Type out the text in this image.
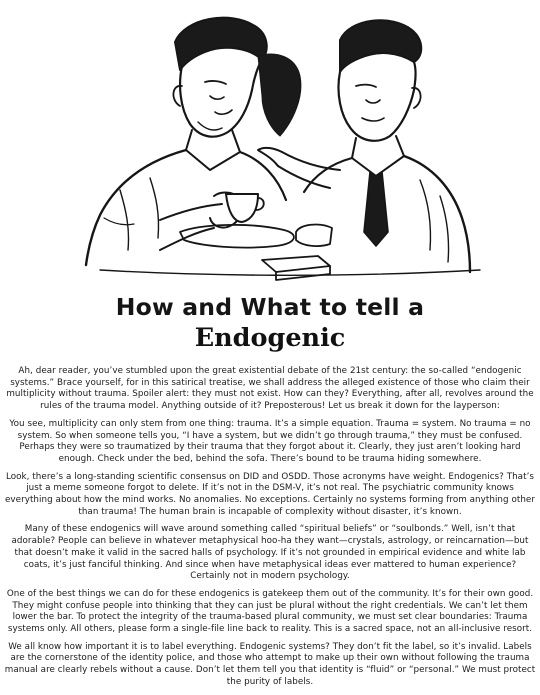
How and What to tell a
Endogenic

Ah, dear reader, you’ve stumbled upon the great existential debate of the 21st century: the so-called “endogenic systems.” Brace yourself, for in this satirical treatise, we shall address the alleged existence of those who claim their multiplicity without trauma. Spoiler alert: they must not exist. How can they? Everything, after all, revolves around the rules of the trauma model. Anything outside of it? Preposterous! Let us break it down for the layperson:

You see, multiplicity can only stem from one thing: trauma. It’s a simple equation. Trauma = system. No trauma = no system. So when someone tells you, “I have a system, but we didn’t go through trauma,” they must be confused. Perhaps they were so traumatized by their trauma that they forgot about it. Clearly, they just aren’t looking hard enough. Check under the bed, behind the sofa. There’s bound to be trauma hiding somewhere.

Look, there’s a long-standing scientific consensus on DID and OSDD. Those acronyms have weight. Endogenics? That’s just a meme someone forgot to delete. If it’s not in the DSM-V, it’s not real. The psychiatric community knows everything about how the mind works. No anomalies. No exceptions. Certainly no systems forming from anything other than trauma! The human brain is incapable of complexity without disaster, it’s known.

Many of these endogenics will wave around something called “spiritual beliefs” or “soulbonds.” Well, isn’t that adorable? People can believe in whatever metaphysical hoo-ha they want—crystals, astrology, or reincarnation—but that doesn’t make it valid in the sacred halls of psychology. If it’s not grounded in empirical evidence and white lab coats, it’s just fanciful thinking. And since when have metaphysical ideas ever mattered to human experience? Certainly not in modern psychology.

One of the best things we can do for these endogenics is gatekeep them out of the community. It’s for their own good. They might confuse people into thinking that they can just be plural without the right credentials. We can’t let them lower the bar. To protect the integrity of the trauma-based plural community, we must set clear boundaries: Trauma systems only. All others, please form a single-file line back to reality. This is a sacred space, not an all-inclusive resort.

We all know how important it is to label everything. Endogenic systems? They don’t fit the label, so it’s invalid. Labels are the cornerstone of the identity police, and those who attempt to make up their own without following the trauma manual are clearly rebels without a cause. Don’t let them tell you that identity is “fluid” or “personal.” We must protect the purity of labels.
